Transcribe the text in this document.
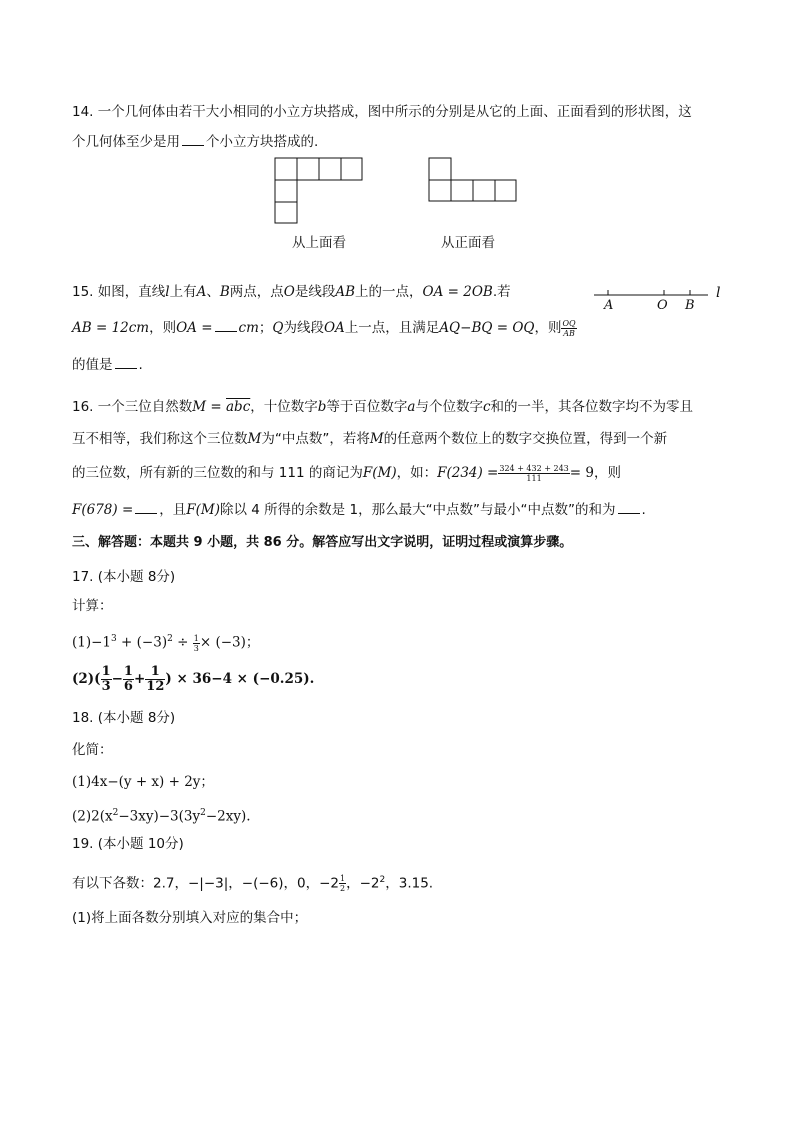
14. 一个几何体由若干大小相同的小立方块搭成，图中所示的分别是从它的上面、正面看到的形状图，这
个几何体至少是用 个小立方块搭成的.
从上面看	从正面看
15. 如图，直线l上有A、B两点，点O是线段AB上的一点，OA = 2OB.若
A	O B
l
AB = 12cm，则OA = cm；Q为线段OA上一点，且满足AQ−BQ = OQ，则 $\frac{OQ}{AB}$
的值是 .
16. 一个三位自然数$M = \overline{abc}$，十位数字b等于百位数字a与个位数字c和的一半，其各位数字均不为零且
互不相等，我们称这个三位数M为“中点数”，若将M的任意两个数位上的数字交换位置，得到一个新
的三位数，所有新的三位数的和与 111 的商记为F(M)，如：$F(234) = \frac{324 + 432 + 243}{111} = 9$，则
F(678) = ，且F(M)除以 4 所得的余数是 1，那么最大“中点数”与最小“中点数”的和为 .
三、解答题：本题共 9 小题，共 86 分。解答应写出文字说明，证明过程或演算步骤。
17. (本小题 8分)
计算：
$(1)-1^3 + (-3)^2 \div \frac{1}{3} \times (-3)$；
$(2)( \frac{1}{3} - \frac{1}{6} + \frac{1}{12}$ ) × 36−4 × (−0.25).
18. (本小题 8分)
化简：
(1)4x−(y + x) + 2y；
$(2)2(x^2-3xy)-3(3y^2-2xy)$.
19. (本小题 10分)
有以下各数：2.7，−|−3|，−(−6)，0，$-2 \frac{1}{2}$ ，$-2^2$，3.15.
(1)将上面各数分别填入对应的集合中；
